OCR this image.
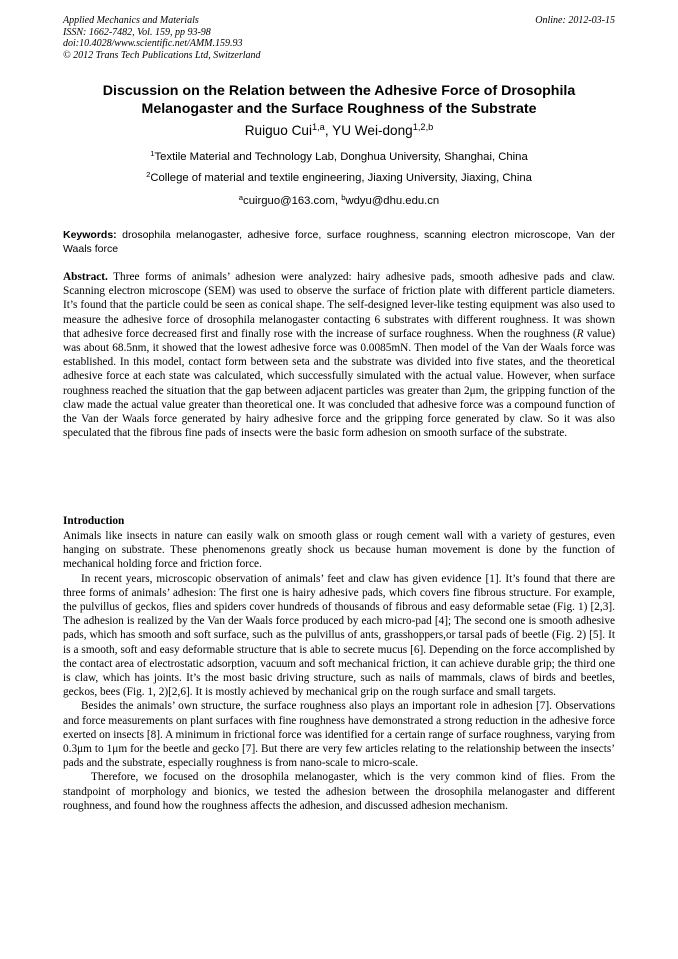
Applied Mechanics and Materials
ISSN: 1662-7482, Vol. 159, pp 93-98
doi:10.4028/www.scientific.net/AMM.159.93
© 2012 Trans Tech Publications Ltd, Switzerland
Online: 2012-03-15
Discussion on the Relation between the Adhesive Force of Drosophila Melanogaster and the Surface Roughness of the Substrate
Ruiguo Cui$^{1,a}$, YU Wei-dong$^{1,2,b}$
$^1$Textile Material and Technology Lab, Donghua University, Shanghai, China
$^2$College of material and textile engineering, Jiaxing University, Jiaxing, China
$^a$cuirguo@163.com, $^b$wdyu@dhu.edu.cn
Keywords: drosophila melanogaster, adhesive force, surface roughness, scanning electron microscope, Van der Waals force
Abstract. Three forms of animals’ adhesion were analyzed: hairy adhesive pads, smooth adhesive pads and claw. Scanning electron microscope (SEM) was used to observe the surface of friction plate with different particle diameters. It’s found that the particle could be seen as conical shape. The self-designed lever-like testing equipment was also used to measure the adhesive force of drosophila melanogaster contacting 6 substrates with different roughness. It was shown that adhesive force decreased first and finally rose with the increase of surface roughness. When the roughness (R value) was about 68.5nm, it showed that the lowest adhesive force was 0.0085mN. Then model of the Van der Waals force was established. In this model, contact form between seta and the substrate was divided into five states, and the theoretical adhesive force at each state was calculated, which successfully simulated with the actual value. However, when surface roughness reached the situation that the gap between adjacent particles was greater than 2μm, the gripping function of the claw made the actual value greater than theoretical one. It was concluded that adhesive force was a compound function of the Van der Waals force generated by hairy adhesive force and the gripping force generated by claw. So it was also speculated that the fibrous fine pads of insects were the basic form adhesion on smooth surface of the substrate.
Introduction

Animals like insects in nature can easily walk on smooth glass or rough cement wall with a variety of gestures, even hanging on substrate. These phenomenons greatly shock us because human movement is done by the function of mechanical holding force and friction force.

In recent years, microscopic observation of animals’ feet and claw has given evidence [1]. It’s found that there are three forms of animals’ adhesion: The first one is hairy adhesive pads, which covers fine fibrous structure. For example, the pulvillus of geckos, flies and spiders cover hundreds of thousands of fibrous and easy deformable setae (Fig. 1) [2,3]. The adhesion is realized by the Van der Waals force produced by each micro-pad [4]; The second one is smooth adhesive pads, which has smooth and soft surface, such as the pulvillus of ants, grasshoppers,or tarsal pads of beetle (Fig. 2) [5]. It is a smooth, soft and easy deformable structure that is able to secrete mucus [6]. Depending on the force accomplished by the contact area of electrostatic adsorption, vacuum and soft mechanical friction, it can achieve durable grip; the third one is claw, which has joints. It’s the most basic driving structure, such as nails of mammals, claws of birds and beetles, geckos, bees (Fig. 1, 2)[2,6]. It is mostly achieved by mechanical grip on the rough surface and small targets.

Besides the animals’ own structure, the surface roughness also plays an important role in adhesion [7]. Observations and force measurements on plant surfaces with fine roughness have demonstrated a strong reduction in the adhesive force exerted on insects [8]. A minimum in frictional force was identified for a certain range of surface roughness, varying from 0.3μm to 1μm for the beetle and gecko [7]. But there are very few articles relating to the relationship between the insects’ pads and the substrate, especially roughness is from nano-scale to micro-scale.

Therefore, we focused on the drosophila melanogaster, which is the very common kind of flies. From the standpoint of morphology and bionics, we tested the adhesion between the drosophila melanogaster and different roughness, and found how the roughness affects the adhesion, and discussed adhesion mechanism.
